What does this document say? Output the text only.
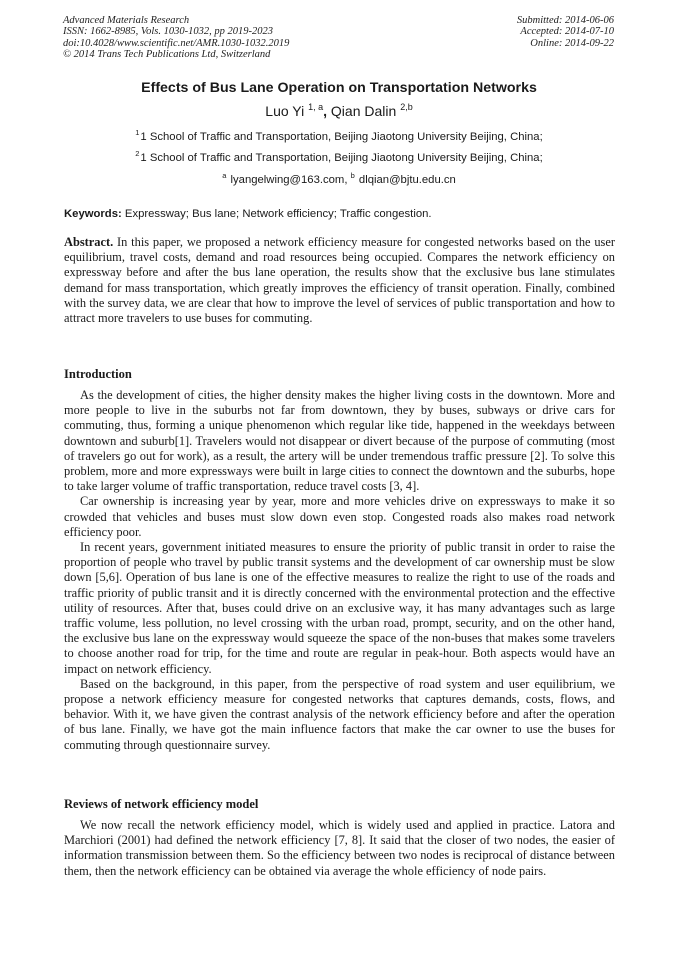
Advanced Materials Research
ISSN: 1662-8985, Vols. 1030-1032, pp 2019-2023
doi:10.4028/www.scientific.net/AMR.1030-1032.2019
© 2014 Trans Tech Publications Ltd, Switzerland
Submitted: 2014-06-06
Accepted: 2014-07-10
Online: 2014-09-22
Effects of Bus Lane Operation on Transportation Networks
Luo Yi $^{1, a}$, Qian Dalin $^{2,b}$
$^1$1 School of Traffic and Transportation, Beijing Jiaotong University Beijing, China;
$^2$1 School of Traffic and Transportation, Beijing Jiaotong University Beijing, China;
$^a$ lyangelwing@163.com, $^b$ dlqian@bjtu.edu.cn
Keywords: Expressway; Bus lane; Network efficiency; Traffic congestion.
Abstract. In this paper, we proposed a network efficiency measure for congested networks based on the user equilibrium, travel costs, demand and road resources being occupied. Compares the network efficiency on expressway before and after the bus lane operation, the results show that the exclusive bus lane stimulates demand for mass transportation, which greatly improves the efficiency of transit operation. Finally, combined with the survey data, we are clear that how to improve the level of services of public transportation and how to attract more travelers to use buses for commuting.
Introduction

As the development of cities, the higher density makes the higher living costs in the downtown. More and more people to live in the suburbs not far from downtown, they by buses, subways or drive cars for commuting, thus, forming a unique phenomenon which regular like tide, happened in the weekdays between downtown and suburb[1]. Travelers would not disappear or divert because of the purpose of commuting (most of travelers go out for work), as a result, the artery will be under tremendous traffic pressure [2]. To solve this problem, more and more expressways were built in large cities to connect the downtown and the suburbs, hope to take larger volume of traffic transportation, reduce travel costs [3, 4].

Car ownership is increasing year by year, more and more vehicles drive on expressways to make it so crowded that vehicles and buses must slow down even stop. Congested roads also makes road network efficiency poor.

In recent years, government initiated measures to ensure the priority of public transit in order to raise the proportion of people who travel by public transit systems and the development of car ownership must be slow down [5,6]. Operation of bus lane is one of the effective measures to realize the right to use of the roads and traffic priority of public transit and it is directly concerned with the environmental protection and the effective utility of resources. After that, buses could drive on an exclusive way, it has many advantages such as large traffic volume, less pollution, no level crossing with the urban road, prompt, security, and on the other hand, the exclusive bus lane on the expressway would squeeze the space of the non-buses that makes some travelers to choose another road for trip, for the time and route are regular in peak-hour. Both aspects would have an impact on network efficiency.

Based on the background, in this paper, from the perspective of road system and user equilibrium, we propose a network efficiency measure for congested networks that captures demands, costs, flows, and behavior. With it, we have given the contrast analysis of the network efficiency before and after the operation of bus lane. Finally, we have got the main influence factors that make the car owner to use the buses for commuting through questionnaire survey.

Reviews of network efficiency model

We now recall the network efficiency model, which is widely used and applied in practice. Latora and Marchiori (2001) had defined the network efficiency [7, 8]. It said that the closer of two nodes, the easier of information transmission between them. So the efficiency between two nodes is reciprocal of distance between them, then the network efficiency can be obtained via average the whole efficiency of node pairs.
